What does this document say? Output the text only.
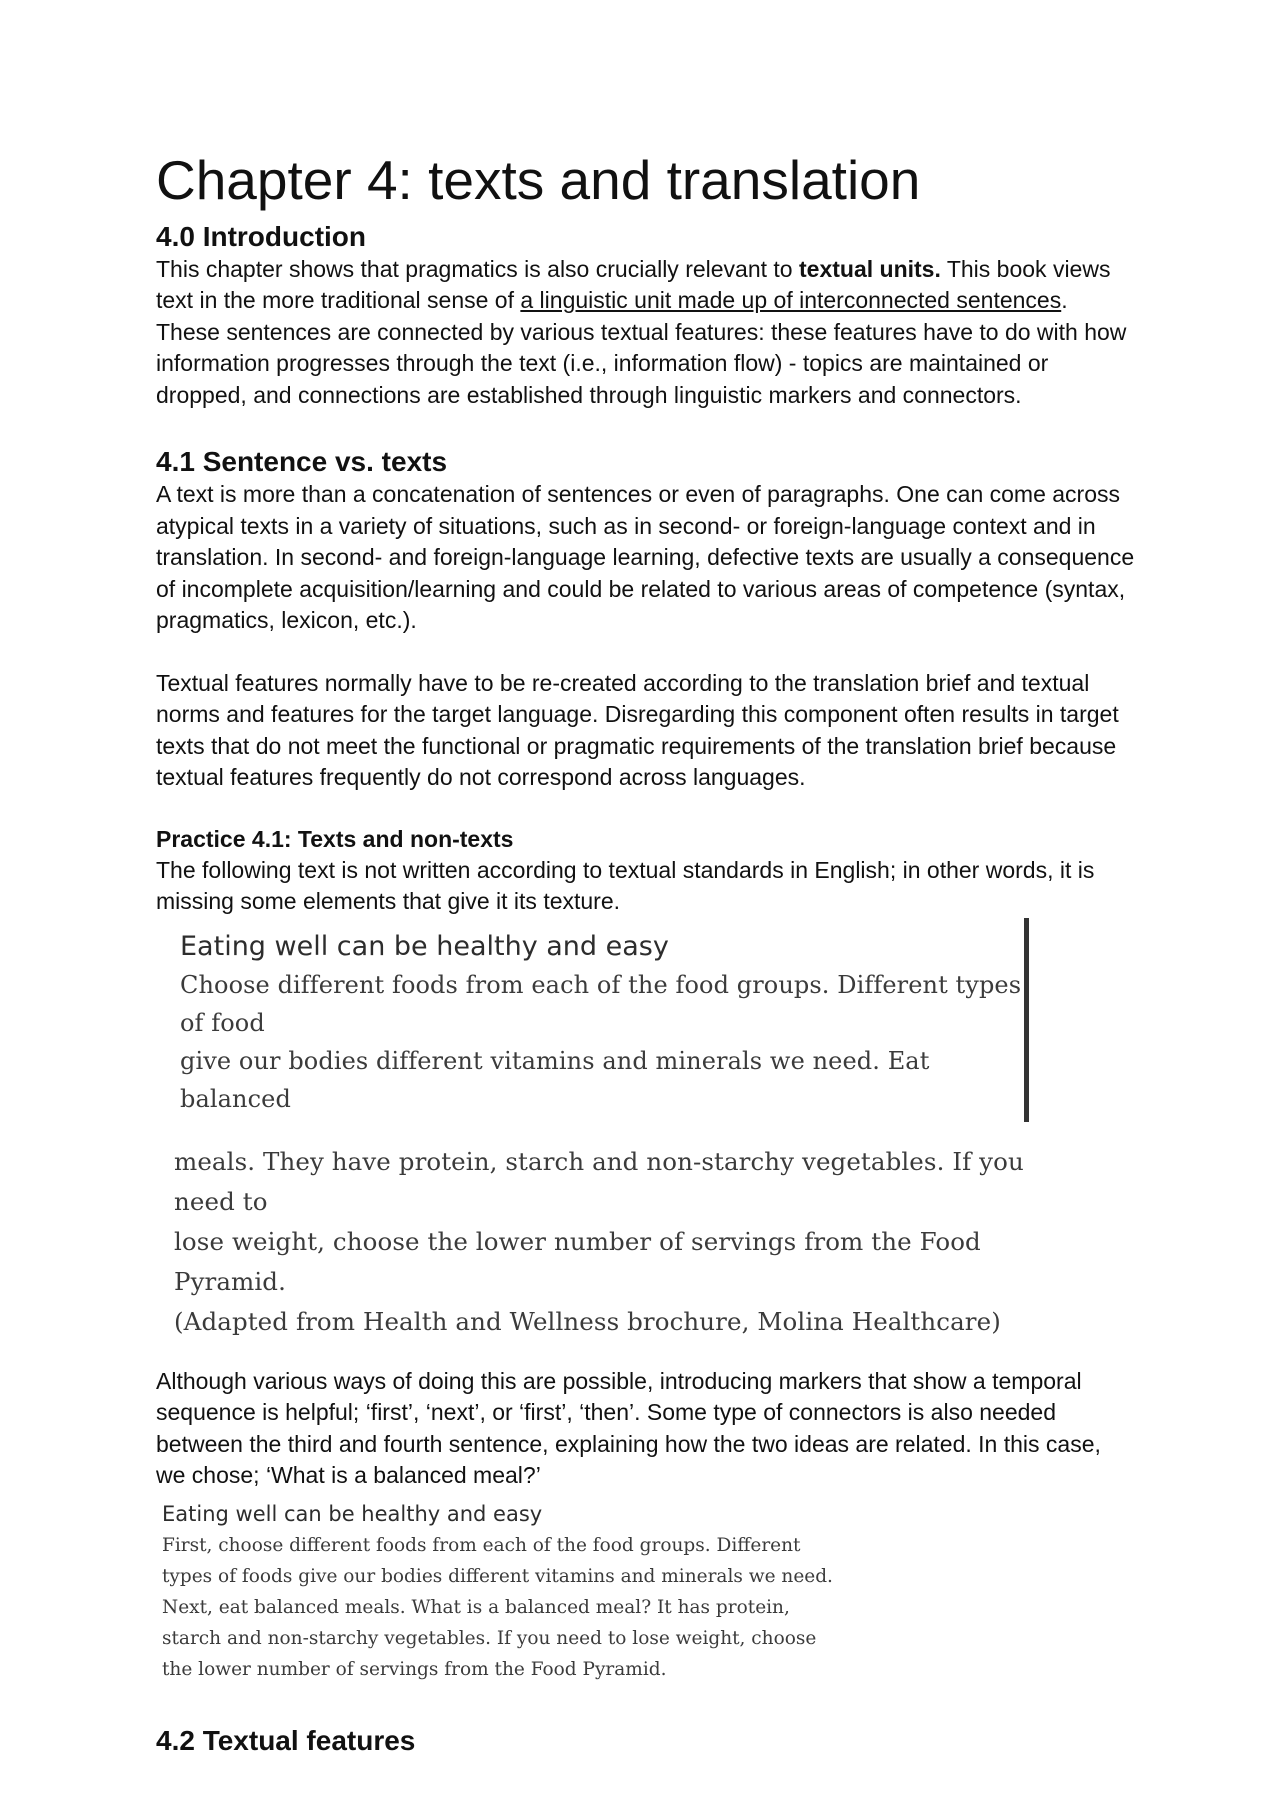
Chapter 4: texts and translation
4.0 Introduction

This chapter shows that pragmatics is also crucially relevant to textual units. This book views text in the more traditional sense of a linguistic unit made up of interconnected sentences. These sentences are connected by various textual features: these features have to do with how information progresses through the text (i.e., information flow) - topics are maintained or dropped, and connections are established through linguistic markers and connectors.

4.1 Sentence vs. texts

A text is more than a concatenation of sentences or even of paragraphs. One can come across atypical texts in a variety of situations, such as in second- or foreign-language context and in translation. In second- and foreign-language learning, defective texts are usually a consequence of incomplete acquisition/learning and could be related to various areas of competence (syntax, pragmatics, lexicon, etc.).

Textual features normally have to be re-created according to the translation brief and textual norms and features for the target language. Disregarding this component often results in target texts that do not meet the functional or pragmatic requirements of the translation brief because textual features frequently do not correspond across languages.

Practice 4.1: Texts and non-texts

The following text is not written according to textual standards in English; in other words, it is missing some elements that give it its texture.

Eating well can be healthy and easy
Choose different foods from each of the food groups. Different types of food
give our bodies different vitamins and minerals we need. Eat balanced
meals. They have protein, starch and non-starchy vegetables. If you need to
lose weight, choose the lower number of servings from the Food Pyramid.
(Adapted from Health and Wellness brochure, Molina Healthcare)

Although various ways of doing this are possible, introducing markers that show a temporal sequence is helpful; ‘first’, ‘next’, or ‘first’, ‘then’. Some type of connectors is also needed between the third and fourth sentence, explaining how the two ideas are related. In this case, we chose; ‘What is a balanced meal?’

Eating well can be healthy and easy
First, choose different foods from each of the food groups. Different types of foods give our bodies different vitamins and minerals we need. Next, eat balanced meals. What is a balanced meal? It has protein, starch and non-starchy vegetables. If you need to lose weight, choose the lower number of servings from the Food Pyramid.
4.2 Textual features
